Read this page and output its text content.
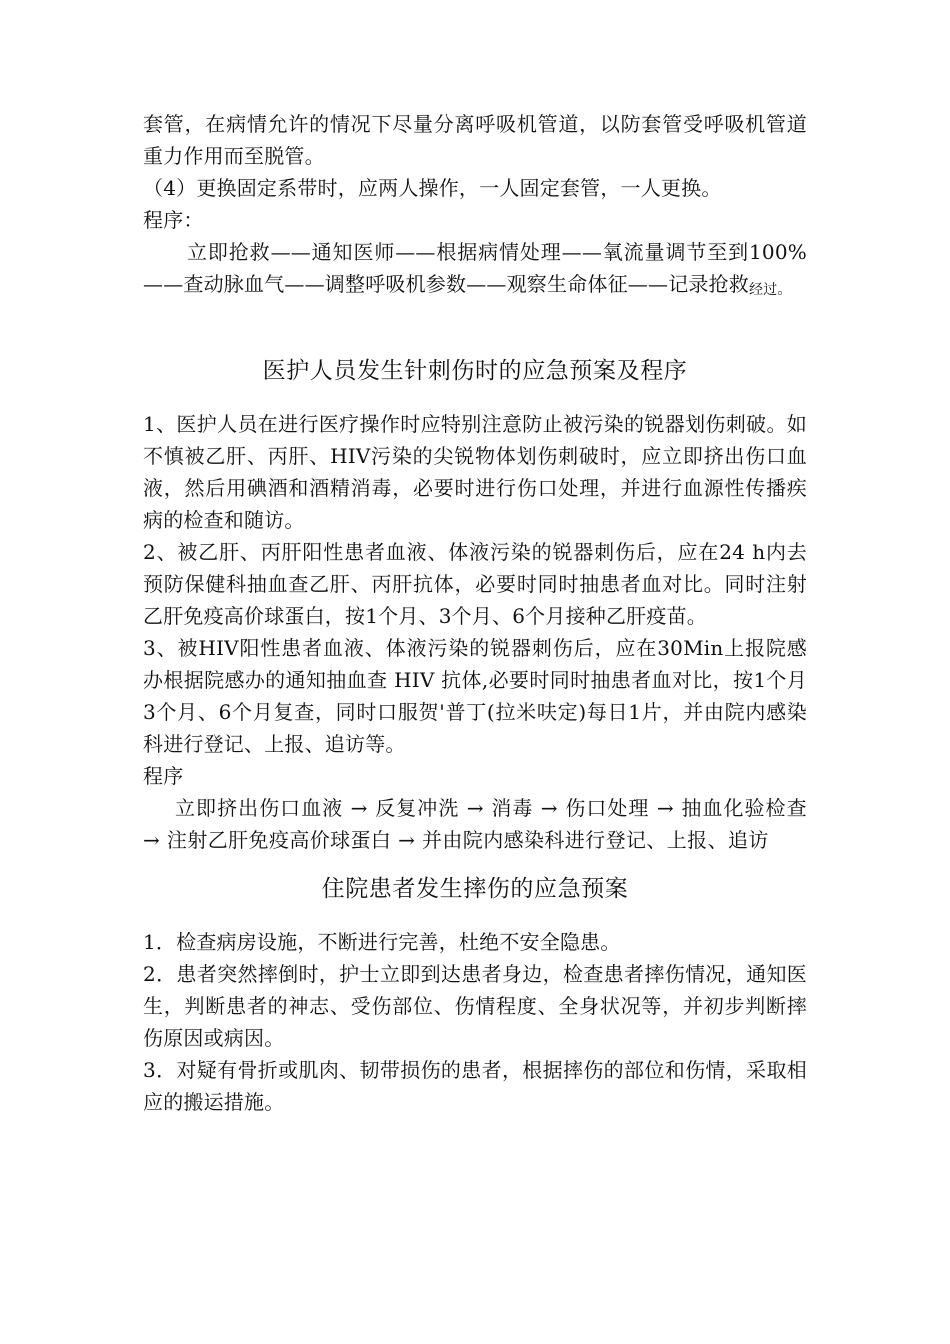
套管，在病情允许的情况下尽量分离呼吸机管道，以防套管受呼吸机管道重力作用而至脱管。

（4）更换固定系带时，应两人操作，一人固定套管，一人更换。

程序：

立即抢救——通知医师——根据病情处理——氧流量调节至到100%——查动脉血气——调整呼吸机参数——观察生命体征——记录抢救$_{经过。}$

医护人员发生针刺伤时的应急预案及程序

1、医护人员在进行医疗操作时应特别注意防止被污染的锐器划伤刺破。如不慎被乙肝、丙肝、HIV污染的尖锐物体划伤刺破时，应立即挤出伤口血液，然后用碘酒和酒精消毒，必要时进行伤口处理，并进行血源性传播疾病的检查和随访。

2、被乙肝、丙肝阳性患者血液、体液污染的锐器刺伤后，应在24 h内去预防保健科抽血查乙肝、丙肝抗体，必要时同时抽患者血对比。同时注射乙肝免疫高价球蛋白，按1个月、3个月、6个月接种乙肝疫苗。

3、被HIV阳性患者血液、体液污染的锐器刺伤后，应在30Min上报院感办根据院感办的通知抽血查 HIV 抗体,必要时同时抽患者血对比，按1个月3个月、6个月复查，同时口服贺'普丁(拉米呋定)每日1片，并由院内感染科进行登记、上报、追访等。

程序

立即挤出伤口血液 → 反复冲洗 → 消毒 → 伤口处理 → 抽血化验检查 → 注射乙肝免疫高价球蛋白 → 并由院内感染科进行登记、上报、追访

住院患者发生摔伤的应急预案

1．检查病房设施，不断进行完善，杜绝不安全隐患。

2．患者突然摔倒时，护士立即到达患者身边，检查患者摔伤情况，通知医生，判断患者的神志、受伤部位、伤情程度、全身状况等，并初步判断摔伤原因或病因。

3．对疑有骨折或肌肉、韧带损伤的患者，根据摔伤的部位和伤情，采取相应的搬运措施。
